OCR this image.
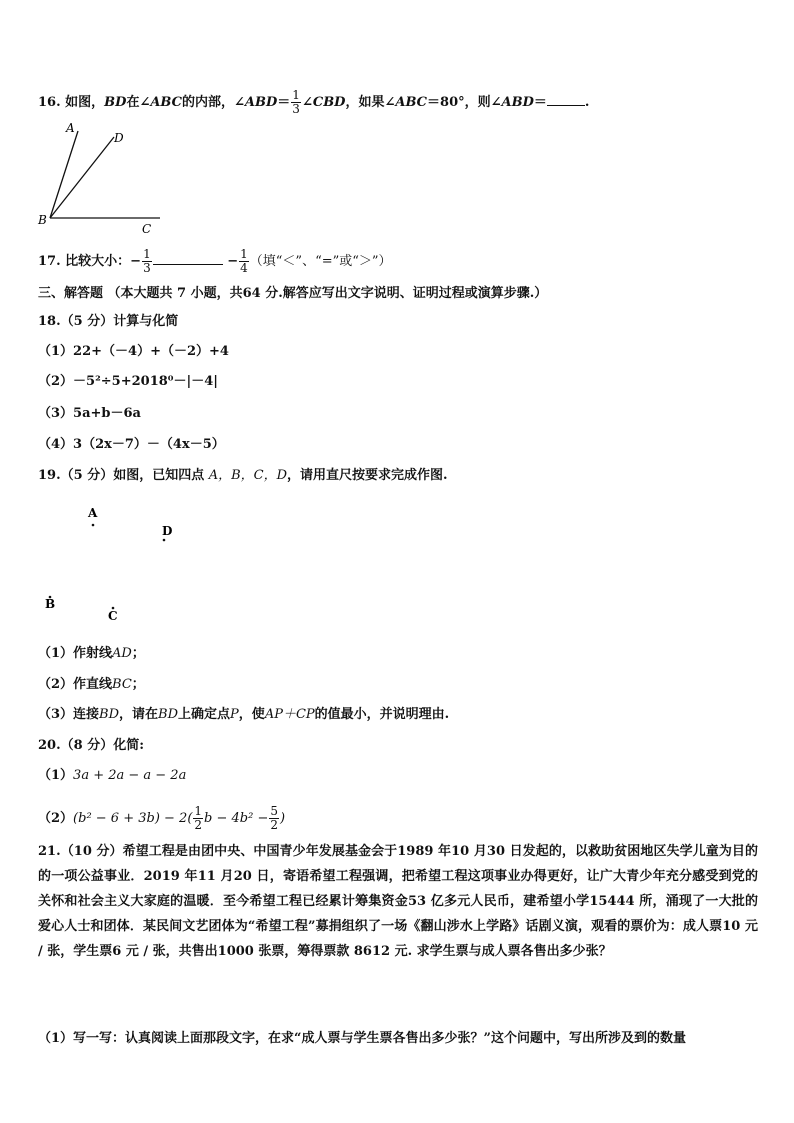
16. 如图，BD在∠ABC的内部，∠ABD＝ $\frac{1}{3}$ ∠CBD，如果∠ABC＝80°，则∠ABD＝	.
A
D
B
C
17. 比较大小：− $\frac{1}{3}$	− $\frac{1}{4}$ （填“＜”、“=”或“＞”）
三、解答题 （本大题共 7 小题，共64 分.解答应写出文字说明、证明过程或演算步骤.）
18.（5 分）计算与化简
（1）22+（－4）+（－2）+4
（2）－5²÷5+2018⁰－|－4|
（3）5a+b－6a
（4）3（2x－7）－（4x－5）
19.（5 分）如图，已知四点 A，B，C，D，请用直尺按要求完成作图.
A
D
B
C
（1）作射线AD；
（2）作直线BC；
（3）连接BD，请在BD上确定点P，使AP＋CP的值最小，并说明理由.
20.（8 分）化简:
（1）3a + 2a − a − 2a
$(2)(b^2 - 6 + 3b) - 2( \frac{1}{2}$ $b - 4b^2 - \frac{5}{2}$ )
21.（10 分）希望工程是由团中央、中国青少年发展基金会于1989 年10 月30 日发起的，以救助贫困地区失学儿童为目的的一项公益事业．2019 年11 月20 日，寄语希望工程强调，把希望工程这项事业办得更好，让广大青少年充分感受到党的关怀和社会主义大家庭的温暖．至今希望工程已经累计筹集资金53 亿多元人民币，建希望小学15444 所，涌现了一大批的爱心人士和团体．某民间文艺团体为“希望工程”募捐组织了一场《翻山涉水上学路》话剧义演，观看的票价为：成人票10 元 / 张，学生票6 元 / 张，共售出1000 张票，筹得票款 8612 元. 求学生票与成人票各售出多少张？
（1）写一写：认真阅读上面那段文字，在求“成人票与学生票各售出多少张？”这个问题中，写出所涉及到的数量
